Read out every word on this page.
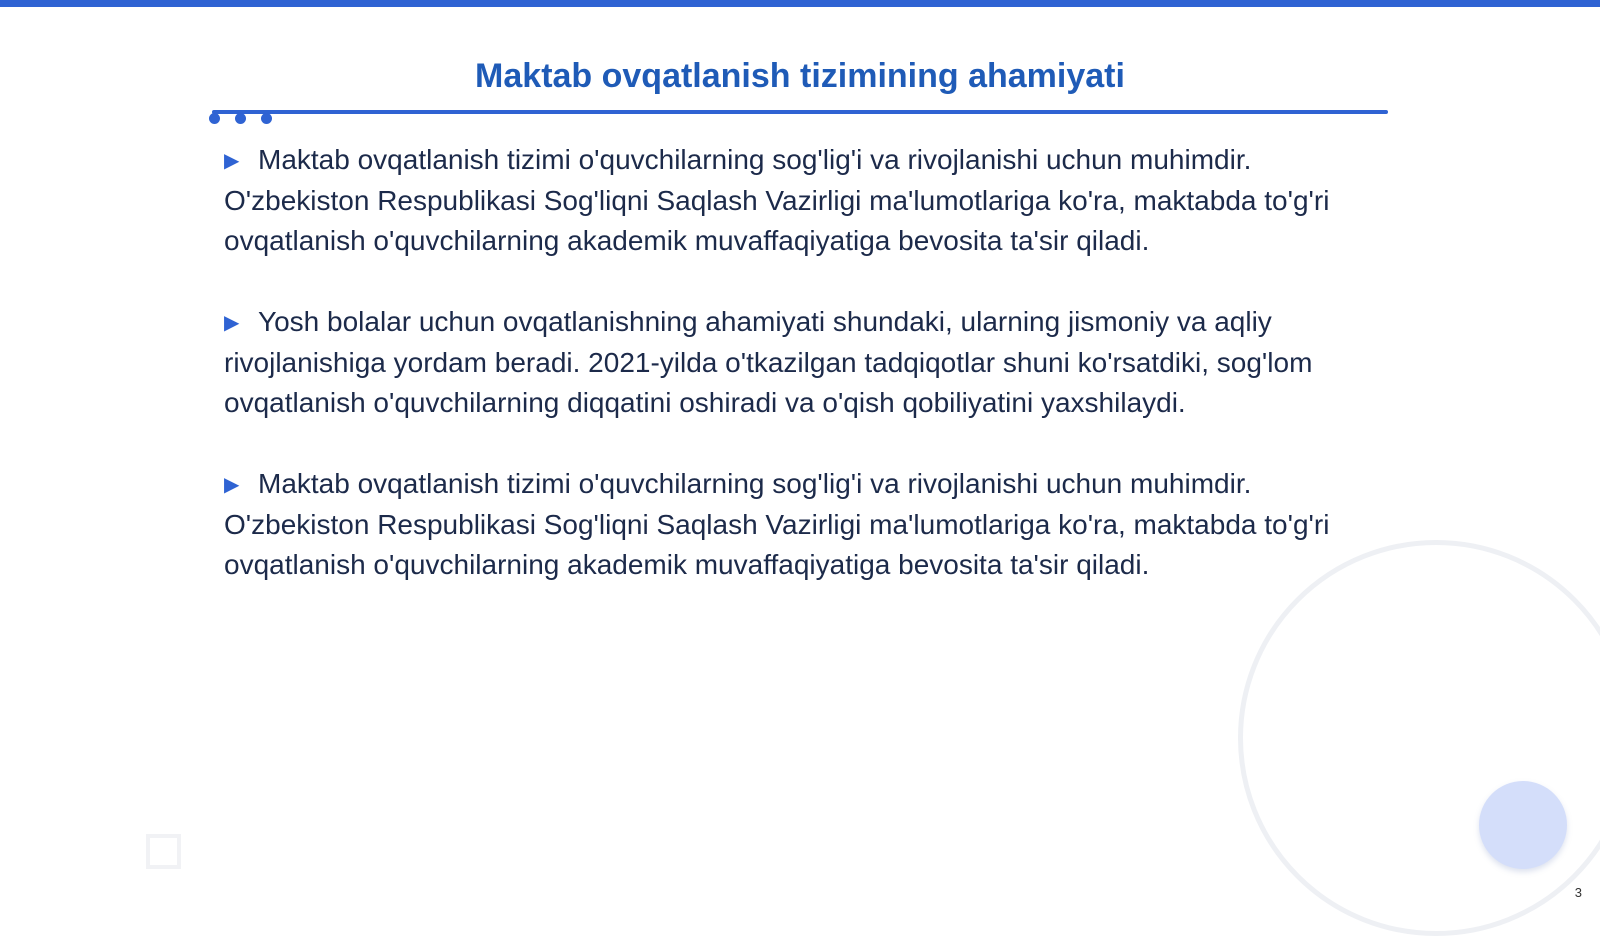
Maktab ovqatlanish tizimining ahamiyati

▶ Maktab ovqatlanish tizimi o'quvchilarning sog'lig'i va rivojlanishi uchun muhimdir. O'zbekiston Respublikasi Sog'liqni Saqlash Vazirligi ma'lumotlariga ko'ra, maktabda to'g'ri ovqatlanish o'quvchilarning akademik muvaffaqiyatiga bevosita ta'sir qiladi.

▶ Yosh bolalar uchun ovqatlanishning ahamiyati shundaki, ularning jismoniy va aqliy rivojlanishiga yordam beradi. 2021-yilda o'tkazilgan tadqiqotlar shuni ko'rsatdiki, sog'lom ovqatlanish o'quvchilarning diqqatini oshiradi va o'qish qobiliyatini yaxshilaydi.

▶ Maktab ovqatlanish tizimi o'quvchilarning sog'lig'i va rivojlanishi uchun muhimdir. O'zbekiston Respublikasi Sog'liqni Saqlash Vazirligi ma'lumotlariga ko'ra, maktabda to'g'ri ovqatlanish o'quvchilarning akademik muvaffaqiyatiga bevosita ta'sir qiladi.

3
